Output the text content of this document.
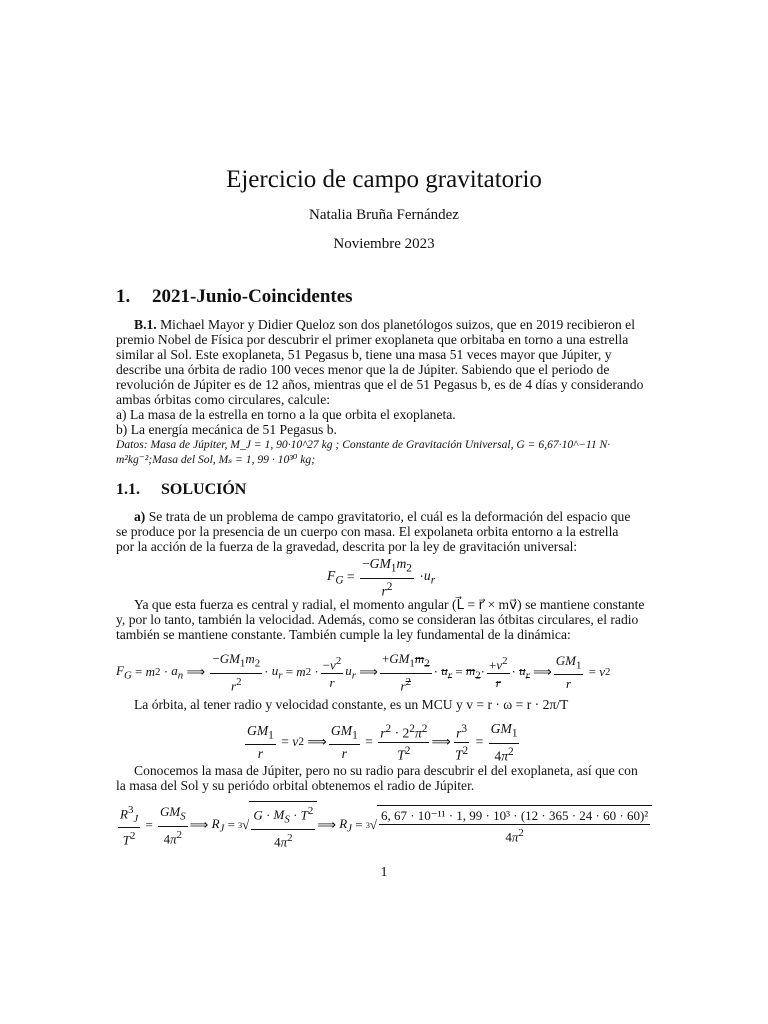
Ejercicio de campo gravitatorio
Natalia Bruña Fernández
Noviembre 2023
1. 2021-Junio-Coincidentes
B.1. Michael Mayor y Didier Queloz son dos planetólogos suizos, que en 2019 recibieron el
premio Nobel de Física por descubrir el primer exoplaneta que orbitaba en torno a una estrella
similar al Sol. Este exoplaneta, 51 Pegasus b, tiene una masa 51 veces mayor que Júpiter, y
describe una órbita de radio 100 veces menor que la de Júpiter. Sabiendo que el periodo de
revolución de Júpiter es de 12 años, mientras que el de 51 Pegasus b, es de 4 días y considerando
ambas órbitas como circulares, calcule:
a) La masa de la estrella en torno a la que orbita el exoplaneta.
b) La energía mecánica de 51 Pegasus b.
Datos: Masa de Júpiter, M_J = 1, 90·10^27 kg ; Constante de Gravitación Universal, G = 6,67·10^−11 N·
m²kg⁻²;Masa del Sol, Mₛ = 1, 99 · 10³⁰ kg;
1.1. SOLUCIÓN
a) Se trata de un problema de campo gravitatorio, el cuál es la deformación del espacio que
se produce por la presencia de un cuerpo con masa. El expolaneta orbita entorno a la estrella
por la acción de la fuerza de la gravedad, descrita por la ley de gravitación universal:
$F_G = \frac{-GM_1m_2}{r^2} \cdot u_r$
Ya que esta fuerza es central y radial, el momento angular (L⃗ = r⃗ × mv⃗) se mantiene constante
y, por lo tanto, también la velocidad. Además, como se consideran las ótbitas circulares, el radio
también se mantiene constante. También cumple la ley fundamental de la dinámica:
$F_G = m$ $2 \cdot a_n$ ⟹ $\frac{-GM_1m_2}{r^2} \cdot u_r = m$ $2 \cdot \frac{-v^2}{r} u_r$ ⟹ $\frac{+GM_1m_2}{r^2} \cdot u_r = m_2 \cdot \frac{+v^2}{r} \cdot u_r$ ⟹ $\frac{GM_1}{r} = v$ 2
La órbita, al tener radio y velocidad constante, es un MCU y v = r · ω = r · 2π/T
$\frac{GM_1}{r} = v$ 2 ⟹ $\frac{GM_1}{r} = \frac{r^2 \cdot 2^2\pi^2}{T^2}$ ⟹ $\frac{r^3}{T^2} = \frac{GM_1}{4\pi^2}$
Conocemos la masa de Júpiter, pero no su radio para descubrir el del exoplaneta, así que con
la masa del Sol y su periódo orbital obtenemos el radio de Júpiter.
$\frac{R^3_J}{T^2} = \frac{GM_S}{4\pi^2}$ ⟹ $R_J = 3$ √ $\frac{G \cdot M_S \cdot T^2}{4\pi^2}$ ⟹ $R_J = 3$ √ $\frac{\text{6, 67 · 10⁻¹¹ · 1, 99 · 10³ · (12 · 365 · 24 · 60 · 60)²}}{4\pi^2}$
1
